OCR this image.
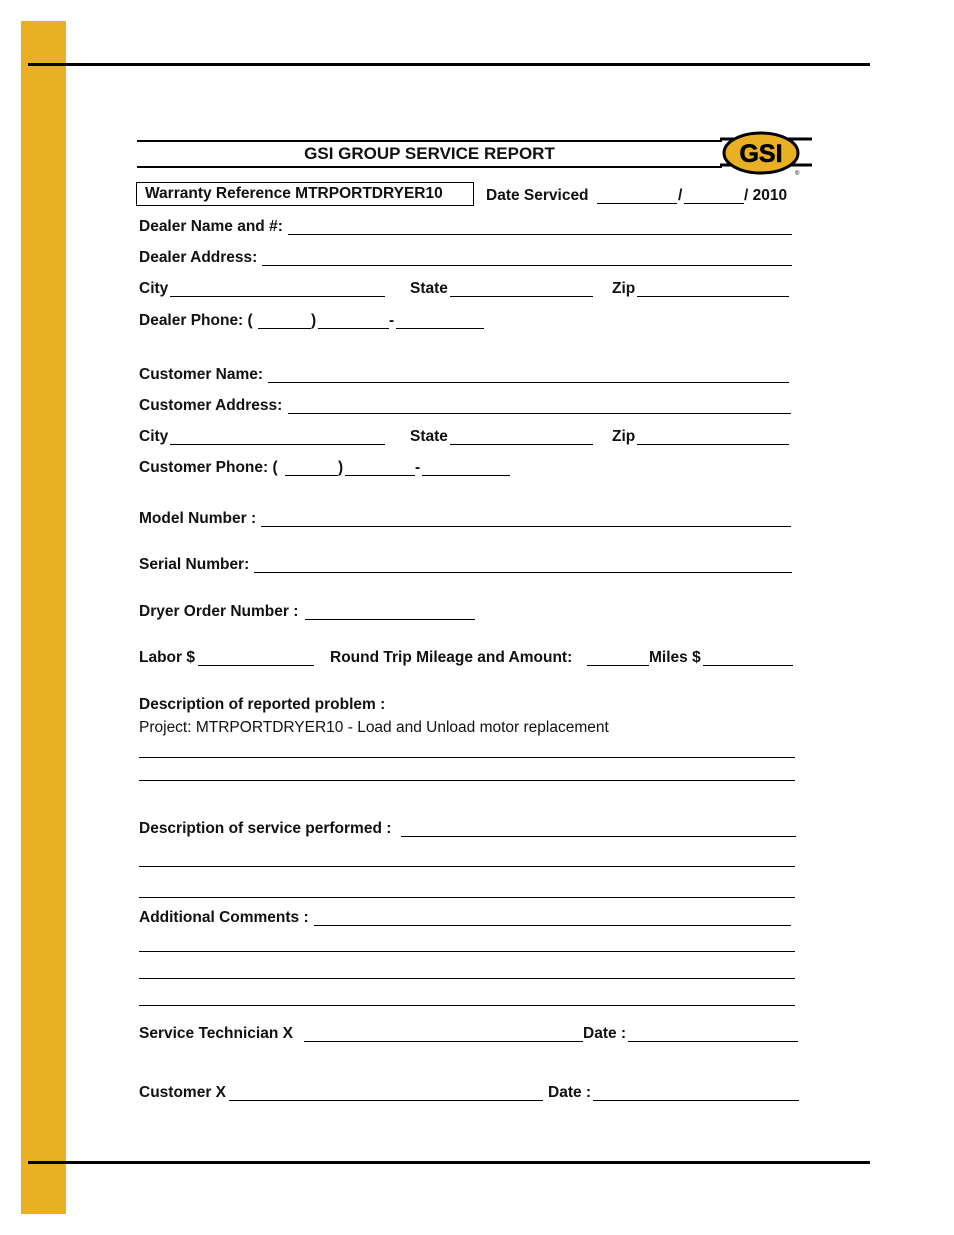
GSI GROUP SERVICE REPORT	GSI
®
Warranty Reference MTRPORTDRYER10	Date Serviced	/	/ 2010
Dealer Name and #:
Dealer Address:
City	State	Zip
Dealer Phone: (	)	-
Customer Name:
Customer Address:
City	State	Zip
Customer Phone: (	)	-
Model Number :
Serial Number:
Dryer Order Number :
Labor $	Round Trip Mileage and Amount:	Miles $
Description of reported problem :
Project: MTRPORTDRYER10 - Load and Unload motor replacement
Description of service performed :
Additional Comments :
Service Technician X	Date :
Customer X	Date :
